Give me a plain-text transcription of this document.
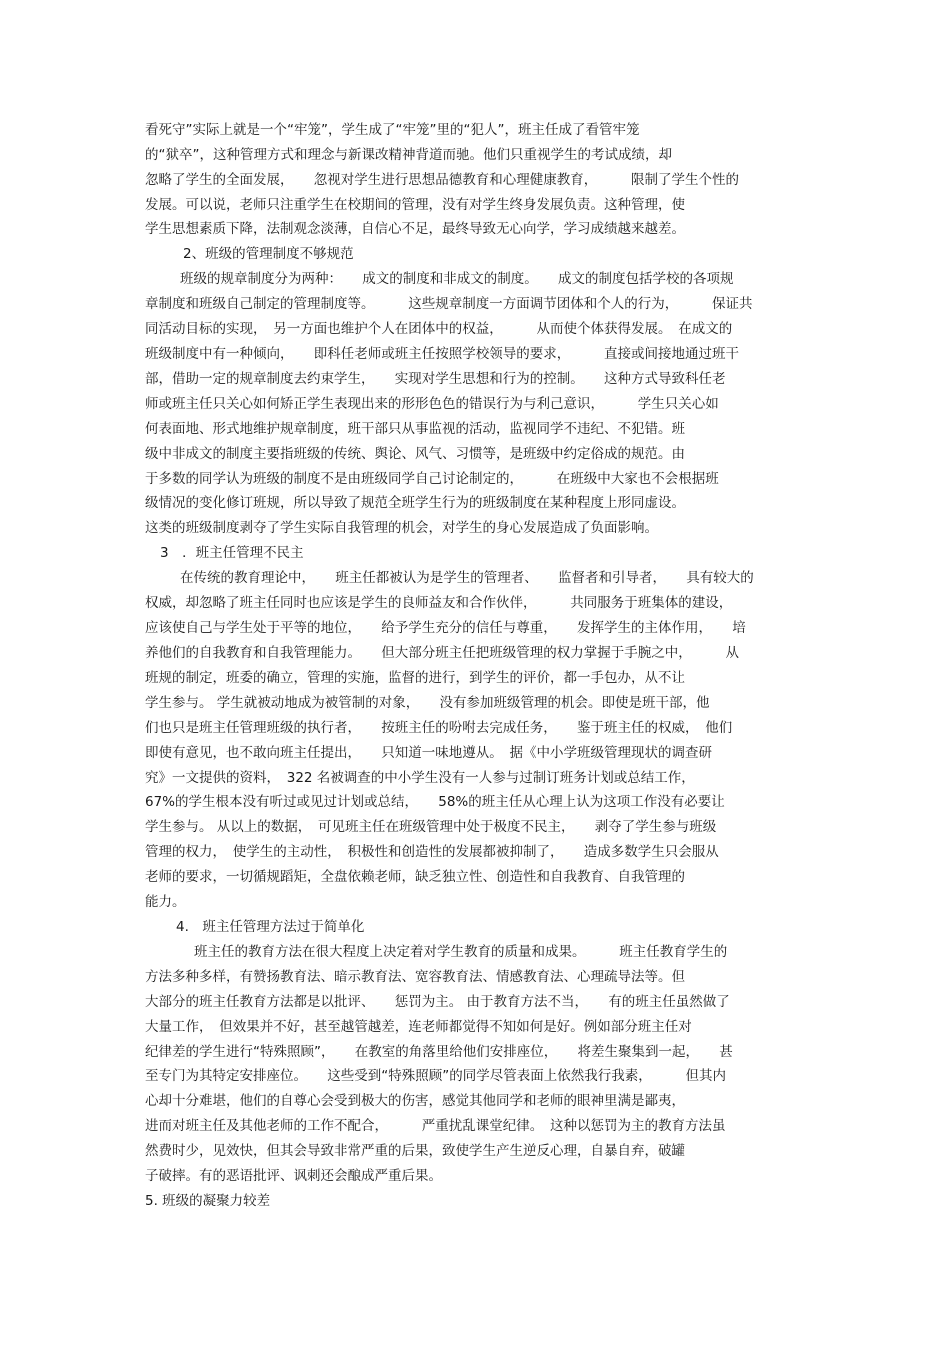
看死守”实际上就是一个“牢笼”，学生成了“牢笼”里的“犯人”，班主任成了看管牢笼
的“狱卒”，这种管理方式和理念与新课改精神背道而驰。他们只重视学生的考试成绩，却
忽略了学生的全面发展，　　忽视对学生进行思想品德教育和心理健康教育，　　　限制了学生个性的
发展。可以说，老师只注重学生在校期间的管理，没有对学生终身发展负责。这种管理，使
学生思想素质下降，法制观念淡薄，自信心不足，最终导致无心向学，学习成绩越来越差。
2、班级的管理制度不够规范
班级的规章制度分为两种：　　成文的制度和非成文的制度。　　成文的制度包括学校的各项规
章制度和班级自己制定的管理制度等。　　　这些规章制度一方面调节团体和个人的行为，　　　保证共
同活动目标的实现，　另一方面也维护个人在团体中的权益，　　　从而使个体获得发展。　在成文的
班级制度中有一种倾向，　　即科任老师或班主任按照学校领导的要求，　　　直接或间接地通过班干
部，借助一定的规章制度去约束学生，　　实现对学生思想和行为的控制。　　这种方式导致科任老
师或班主任只关心如何矫正学生表现出来的形形色色的错误行为与利己意识，　　　学生只关心如
何表面地、形式地维护规章制度，班干部只从事监视的活动，监视同学不违纪、不犯错。班
级中非成文的制度主要指班级的传统、舆论、风气、习惯等，是班级中约定俗成的规范。由
于多数的同学认为班级的制度不是由班级同学自己讨论制定的，　　　在班级中大家也不会根据班
级情况的变化修订班规，所以导致了规范全班学生行为的班级制度在某种程度上形同虚设。
这类的班级制度剥夺了学生实际自我管理的机会，对学生的身心发展造成了负面影响。
3　．班主任管理不民主
在传统的教育理论中，　　班主任都被认为是学生的管理者、　　监督者和引导者，　　具有较大的
权威，却忽略了班主任同时也应该是学生的良师益友和合作伙伴，　　　共同服务于班集体的建设，
应该使自己与学生处于平等的地位，　　给予学生充分的信任与尊重，　　发挥学生的主体作用，　　培
养他们的自我教育和自我管理能力。　　但大部分班主任把班级管理的权力掌握于手腕之中，　　　从
班规的制定，班委的确立，管理的实施，监督的进行，到学生的评价，都一手包办，从不让
学生参与。 学生就被动地成为被管制的对象，　　没有参加班级管理的机会。即使是班干部，他
们也只是班主任管理班级的执行者，　　按班主任的吩咐去完成任务，　　鉴于班主任的权威，　他们
即使有意见，也不敢向班主任提出，　　只知道一味地遵从。　据《中小学班级管理现状的调查研
究》一文提供的资料，　322 名被调查的中小学生没有一人参与过制订班务计划或总结工作，
67%的学生根本没有听过或见过计划或总结，　　58%的班主任从心理上认为这项工作没有必要让
学生参与。 从以上的数据，　可见班主任在班级管理中处于极度不民主，　　剥夺了学生参与班级
管理的权力，　使学生的主动性，　积极性和创造性的发展都被抑制了，　　造成多数学生只会服从
老师的要求，一切循规蹈矩，全盘依赖老师，缺乏独立性、创造性和自我教育、自我管理的
能力。
4.　班主任管理方法过于简单化
班主任的教育方法在很大程度上决定着对学生教育的质量和成果。　　　班主任教育学生的
方法多种多样，有赞扬教育法、暗示教育法、宽容教育法、情感教育法、心理疏导法等。但
大部分的班主任教育方法都是以批评、　　惩罚为主。 由于教育方法不当，　　有的班主任虽然做了
大量工作，　但效果并不好，甚至越管越差，连老师都觉得不知如何是好。例如部分班主任对
纪律差的学生进行“特殊照顾”，　　在教室的角落里给他们安排座位，　　将差生聚集到一起，　　甚
至专门为其特定安排座位。　　这些受到“特殊照顾”的同学尽管表面上依然我行我素，　　　但其内
心却十分难堪，他们的自尊心会受到极大的伤害，感觉其他同学和老师的眼神里满是鄙夷，
进而对班主任及其他老师的工作不配合，　　　严重扰乱课堂纪律。　这种以惩罚为主的教育方法虽
然费时少，见效快，但其会导致非常严重的后果，致使学生产生逆反心理，自暴自弃，破罐
子破摔。有的恶语批评、讽刺还会酿成严重后果。
5. 班级的凝聚力较差
